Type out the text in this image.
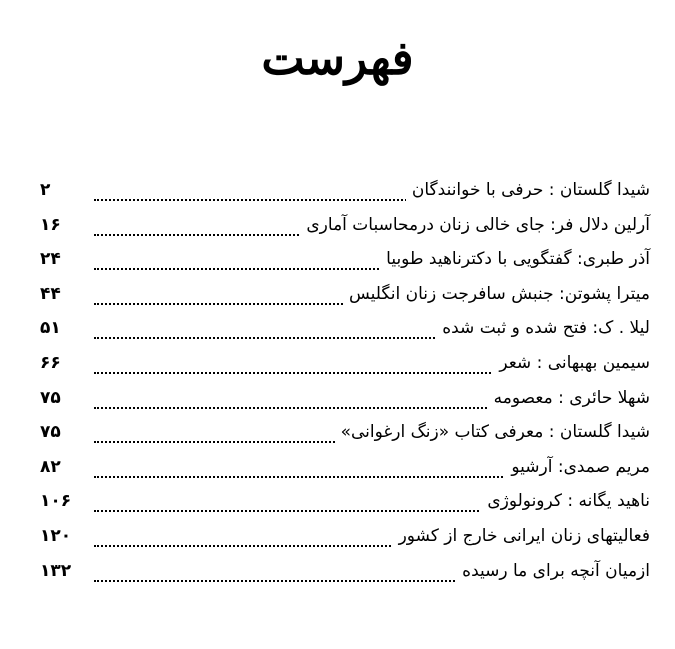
فهرست
شیدا گلستان : حرفی با خوانندگان
۲
آرلین دلال فر: جای خالی زنان درمحاسبات آماری
۱۶
آذر طبری: گفتگویی با دکترناهید طوبیا
۲۴
میترا پشوتن: جنبش سافرجت زنان انگلیس
۴۴
لیلا . ک: فتح شده و ثبت شده
۵۱
سیمین بهبهانی : شعر
۶۶
شهلا حائری : معصومه
۷۵
شیدا گلستان : معرفی کتاب «زنگ ارغوانی»
۷۵
مریم صمدی: آرشیو
۸۲
ناهید یگانه : کرونولوژی
۱۰۶
فعالیتهای زنان ایرانی خارج از کشور
۱۲۰
ازمیان آنچه برای ما رسیده
۱۳۲
